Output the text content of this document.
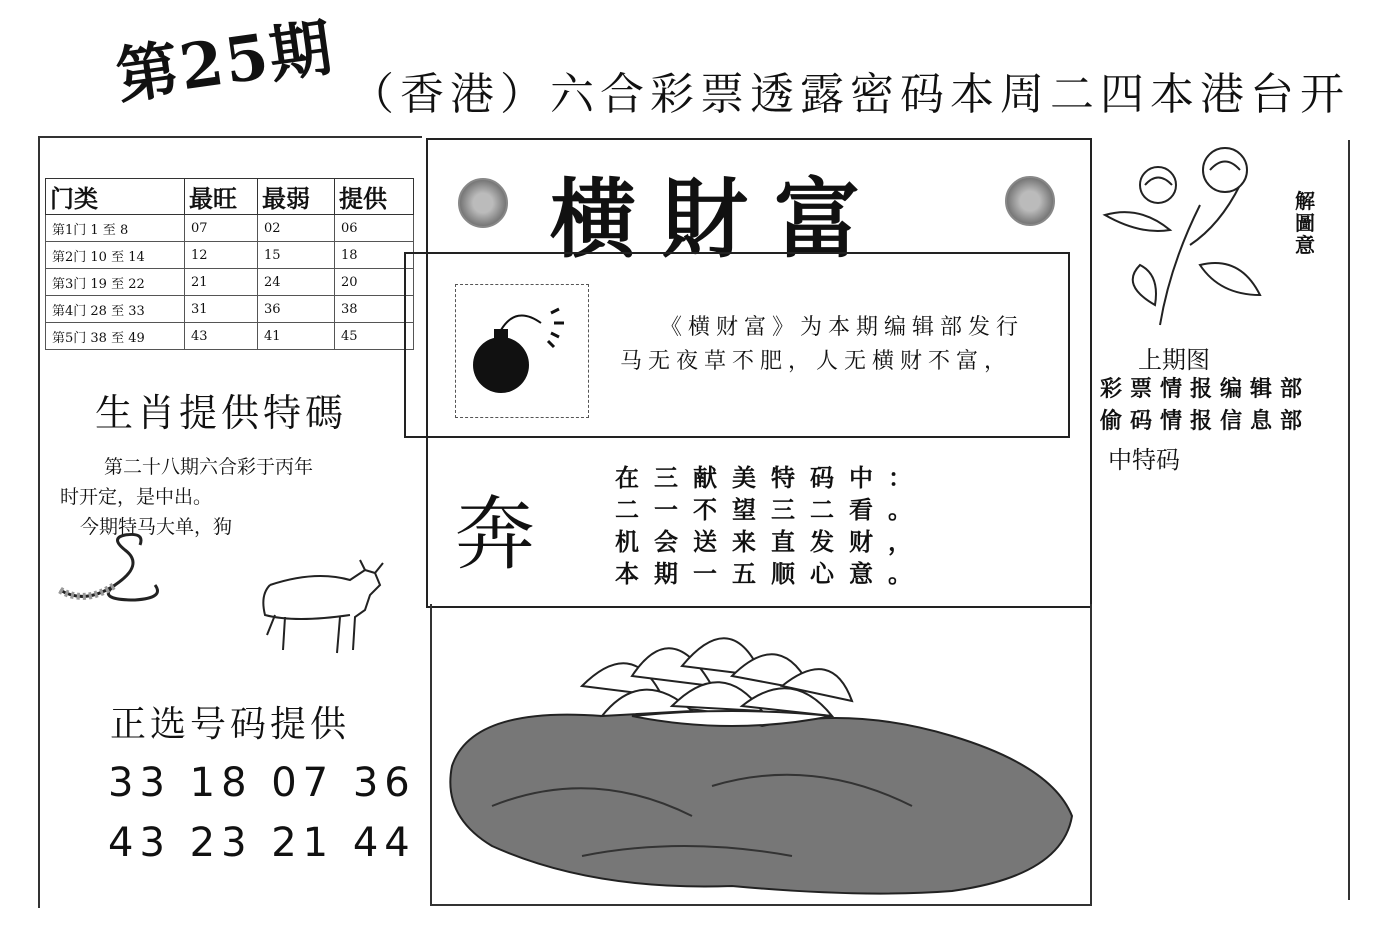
第25期 （香港）六合彩票透露密码本周二四本港台开
门类	最旺	最弱	提供
第1门 1 至 8	07	02	06
第2门 10 至 14	12	15	18
第3门 19 至 22	21	24	20
第4门 28 至 33	31	36	38
第5门 38 至 49	43	41	45
生肖提供特碼
第二十八期六合彩于丙年
时开定，是中出。
今期特马大单，狗
正选号码提供
33 18 07 36
43 23 21 44
横財富
《横财富》为本期编辑部发行
马无夜草不肥，人无横财不富，
奔
在三献美特码中：
二一不望三二看。
机会送来直发财，
本期一五顺心意。
解圖意
上期图
彩票情报编辑部
偷码情报信息部
中特码
